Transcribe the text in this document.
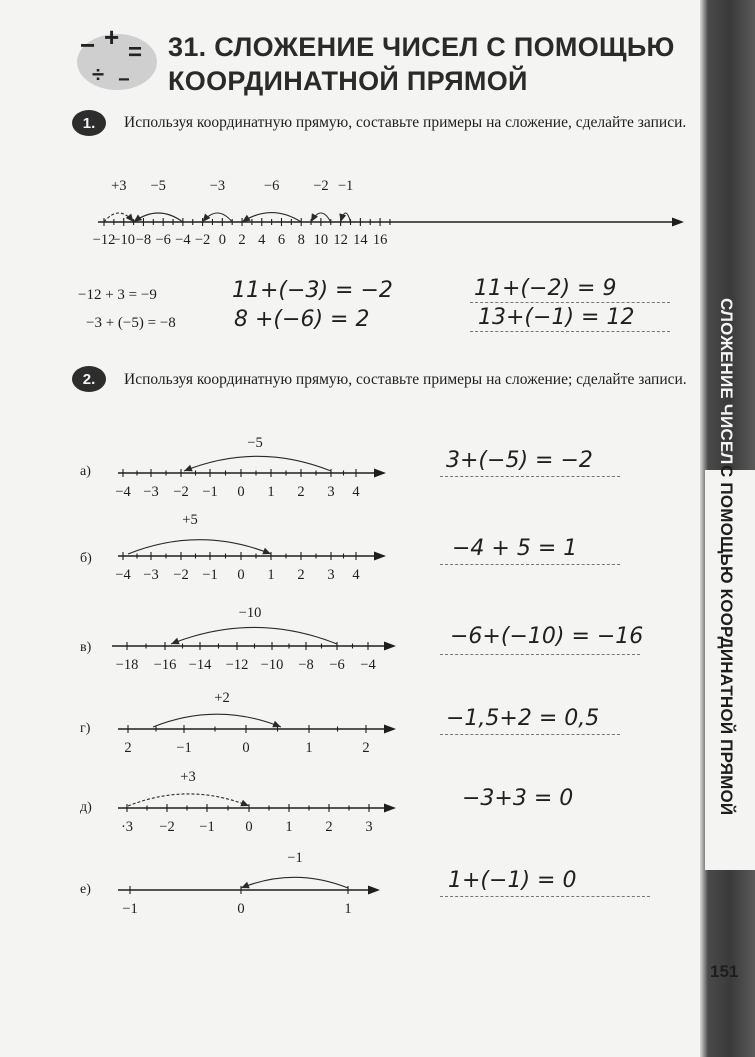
СЛОЖЕНИЕ ЧИСЕЛ
С ПОМОЩЬЮ КООРДИНАТНОЙ ПРЯМОЙ
151
− +
=
÷ −
31. СЛОЖЕНИЕ ЧИСЕЛ С ПОМОЩЬЮ
КООРДИНАТНОЙ ПРЯМОЙ
1.	Используя координатную прямую, составьте примеры на сложение, сделайте записи.
−12
−10 −8 −6 −4 −2 0 2 4 6 8 10 12 14 16
+3 −5	−3	−6 −2 −1
−12 + 3 = −9
−3 + (−5) = −8
11+(−3) = −2
8 +(−6) = 2
11+(−2) = 9
13+(−1) = 12
2.	Используя координатную прямую, составьте примеры на сложение; сделайте записи.
а)
б)
в)
г)
д)
е)
−4 −3 −2 −1 0 1 2 3 4
−5
−4 −3 −2 −1 0 1 2 3 4
+5
−18 −16 −14 −12 −10 −8 −6 −4
−10
2	−1	0	1	2
+2
·3 −2 −1 0 1 2 3
+3
−1	0	1
−1
3+(−5) = −2
−4 + 5 = 1
−6+(−10) = −16
−1,5+2 = 0,5
−3+3 = 0
1+(−1) = 0
